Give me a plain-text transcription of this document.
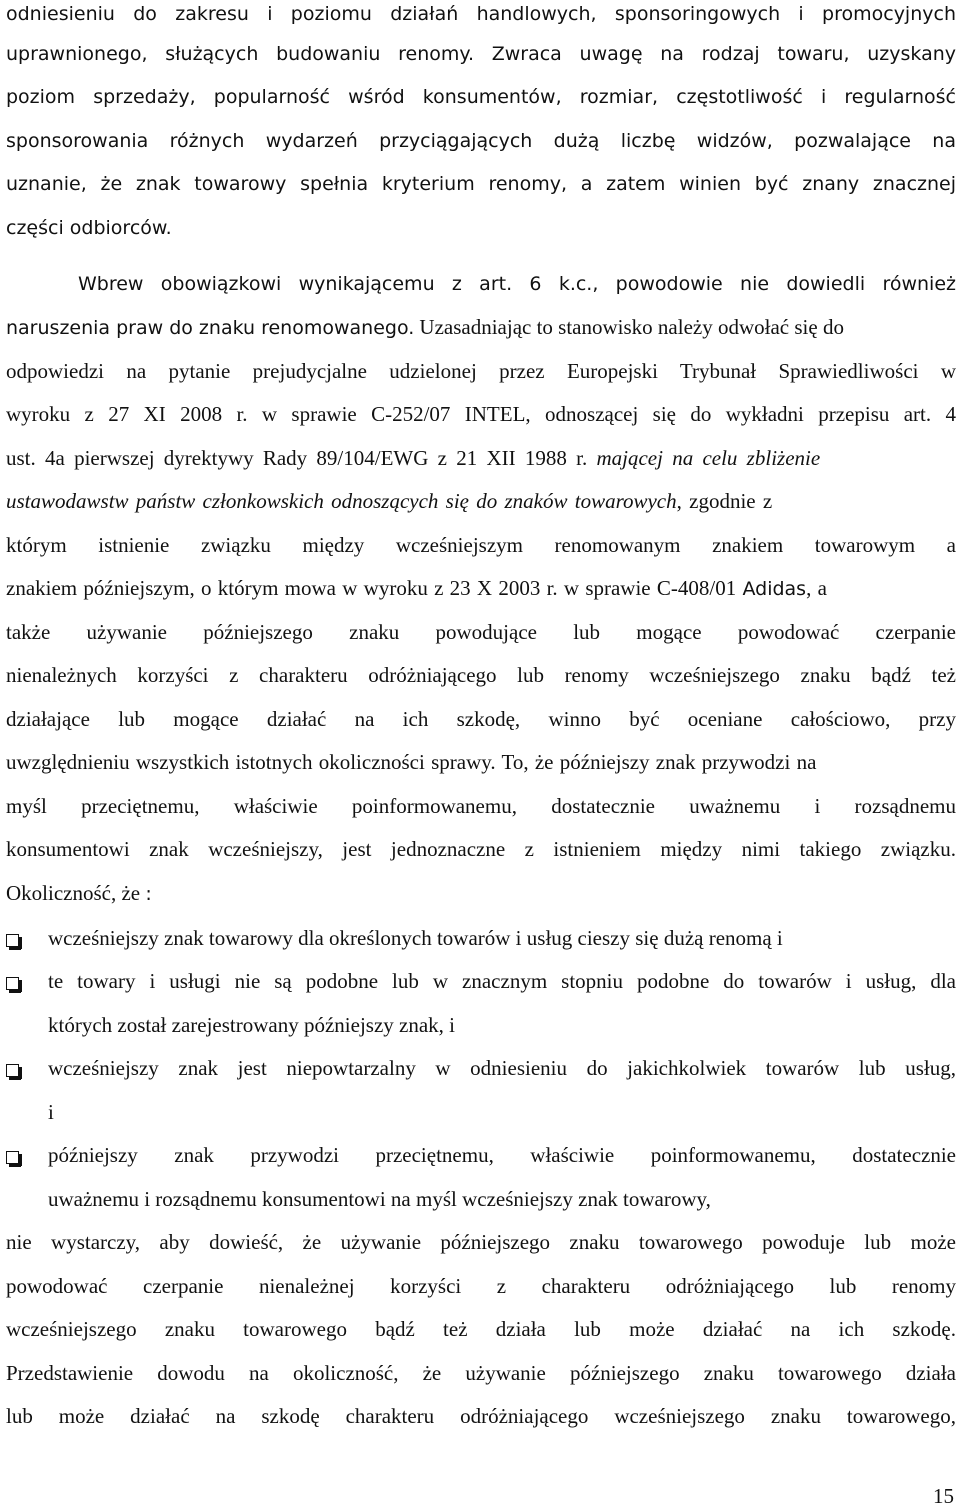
odniesieniu do zakresu i poziomu działań handlowych, sponsoringowych i promocyjnych
uprawnionego, służących budowaniu renomy. Zwraca uwagę na rodzaj towaru, uzyskany
poziom sprzedaży, popularność wśród konsumentów, rozmiar, częstotliwość i regularność
sponsorowania różnych wydarzeń przyciągających dużą liczbę widzów, pozwalające na
uznanie, że znak towarowy spełnia kryterium renomy, a zatem winien być znany znacznej
części odbiorców.
Wbrew obowiązkowi wynikającemu z art. 6 k.c., powodowie nie dowiedli również
naruszenia praw do znaku renomowanego. Uzasadniając to stanowisko należy odwołać się do
odpowiedzi na pytanie prejudycjalne udzielonej przez Europejski Trybunał Sprawiedliwości w
wyroku z 27 XI 2008 r. w sprawie C-252/07 INTEL, odnoszącej się do wykładni przepisu art. 4
ust. 4a pierwszej dyrektywy Rady 89/104/EWG z 21 XII 1988 r. mającej na celu zbliżenie
ustawodawstw państw członkowskich odnoszących się do znaków towarowych, zgodnie z
którym istnienie związku między wcześniejszym renomowanym znakiem towarowym a
znakiem późniejszym, o którym mowa w wyroku z 23 X 2003 r. w sprawie C-408/01 Adidas, a
także używanie późniejszego znaku powodujące lub mogące powodować czerpanie
nienależnych korzyści z charakteru odróżniającego lub renomy wcześniejszego znaku bądź też
działające lub mogące działać na ich szkodę, winno być oceniane całościowo, przy
uwzględnieniu wszystkich istotnych okoliczności sprawy. To, że późniejszy znak przywodzi na
myśl przeciętnemu, właściwie poinformowanemu, dostatecznie uważnemu i rozsądnemu
konsumentowi znak wcześniejszy, jest jednoznaczne z istnieniem między nimi takiego związku.
Okoliczność, że :
wcześniejszy znak towarowy dla określonych towarów i usług cieszy się dużą renomą i
te towary i usługi nie są podobne lub w znacznym stopniu podobne do towarów i usług, dla
których został zarejestrowany późniejszy znak, i
wcześniejszy znak jest niepowtarzalny w odniesieniu do jakichkolwiek towarów lub usług,
i
późniejszy znak przywodzi przeciętnemu, właściwie poinformowanemu, dostatecznie
uważnemu i rozsądnemu konsumentowi na myśl wcześniejszy znak towarowy,
nie wystarczy, aby dowieść, że używanie późniejszego znaku towarowego powoduje lub może
powodować czerpanie nienależnej korzyści z charakteru odróżniającego lub renomy
wcześniejszego znaku towarowego bądź też działa lub może działać na ich szkodę.
Przedstawienie dowodu na okoliczność, że używanie późniejszego znaku towarowego działa
lub może działać na szkodę charakteru odróżniającego wcześniejszego znaku towarowego,
15
